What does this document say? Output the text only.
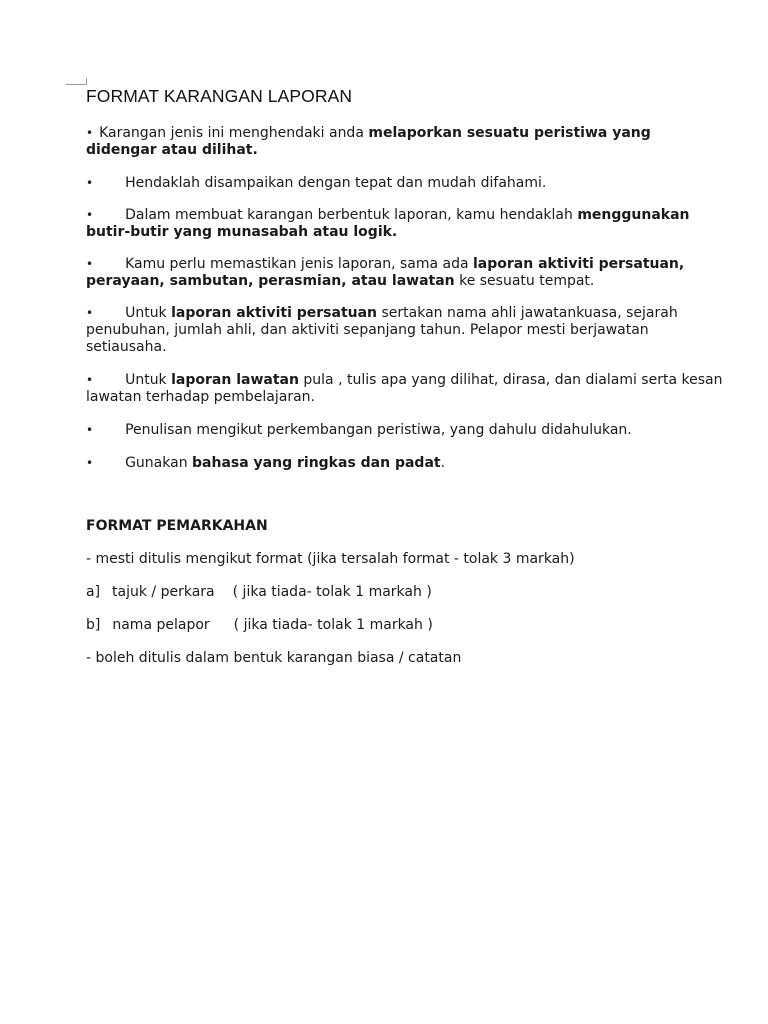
FORMAT KARANGAN LAPORAN

• Karangan jenis ini menghendaki anda melaporkan sesuatu peristiwa yang didengar atau dilihat.

• Hendaklah disampaikan dengan tepat dan mudah difahami.

• Dalam membuat karangan berbentuk laporan, kamu hendaklah menggunakan butir-butir yang munasabah atau logik.

• Kamu perlu memastikan jenis laporan, sama ada laporan aktiviti persatuan, perayaan, sambutan, perasmian, atau lawatan ke sesuatu tempat.

• Untuk laporan aktiviti persatuan sertakan nama ahli jawatankuasa, sejarah penubuhan, jumlah ahli, dan aktiviti sepanjang tahun. Pelapor mesti berjawatan setiausaha.

• Untuk laporan lawatan pula , tulis apa yang dilihat, dirasa, dan dialami serta kesan lawatan terhadap pembelajaran.

• Penulisan mengikut perkembangan peristiwa, yang dahulu didahulukan.

• Gunakan bahasa yang ringkas dan padat.

FORMAT PEMARKAHAN

- mesti ditulis mengikut format (jika tersalah format - tolak 3 markah)

a] tajuk / perkara ( jika tiada- tolak 1 markah )

b] nama pelapor ( jika tiada- tolak 1 markah )

- boleh ditulis dalam bentuk karangan biasa / catatan
